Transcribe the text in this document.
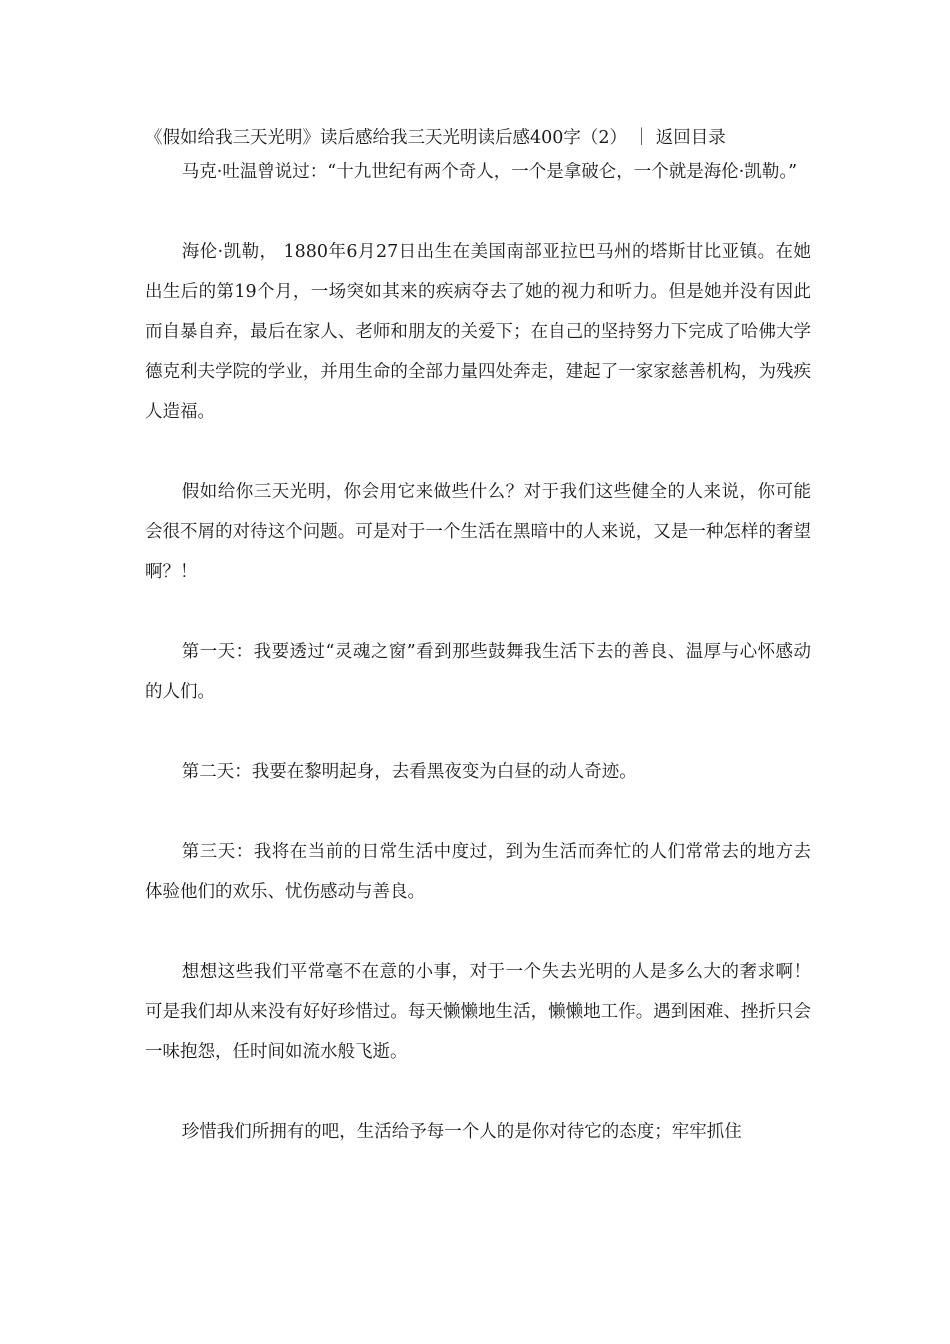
《假如给我三天光明》读后感给我三天光明读后感400字（2） ｜ 返回目录

马克·吐温曾说过：“十九世纪有两个奇人，一个是拿破仑，一个就是海伦·凯勒。”

海伦·凯勒， 1880年6月27日出生在美国南部亚拉巴马州的塔斯甘比亚镇。在她出生后的第19个月，一场突如其来的疾病夺去了她的视力和听力。但是她并没有因此而自暴自弃，最后在家人、老师和朋友的关爱下；在自己的坚持努力下完成了哈佛大学德克利夫学院的学业，并用生命的全部力量四处奔走，建起了一家家慈善机构，为残疾人造福。

假如给你三天光明，你会用它来做些什么？对于我们这些健全的人来说，你可能会很不屑的对待这个问题。可是对于一个生活在黑暗中的人来说，又是一种怎样的奢望啊？！

第一天：我要透过“灵魂之窗”看到那些鼓舞我生活下去的善良、温厚与心怀感动的人们。

第二天：我要在黎明起身，去看黑夜变为白昼的动人奇迹。

第三天：我将在当前的日常生活中度过，到为生活而奔忙的人们常常去的地方去体验他们的欢乐、忧伤感动与善良。

想想这些我们平常毫不在意的小事，对于一个失去光明的人是多么大的奢求啊！可是我们却从来没有好好珍惜过。每天懒懒地生活，懒懒地工作。遇到困难、挫折只会一味抱怨，任时间如流水般飞逝。

珍惜我们所拥有的吧，生活给予每一个人的是你对待它的态度；牢牢抓住
